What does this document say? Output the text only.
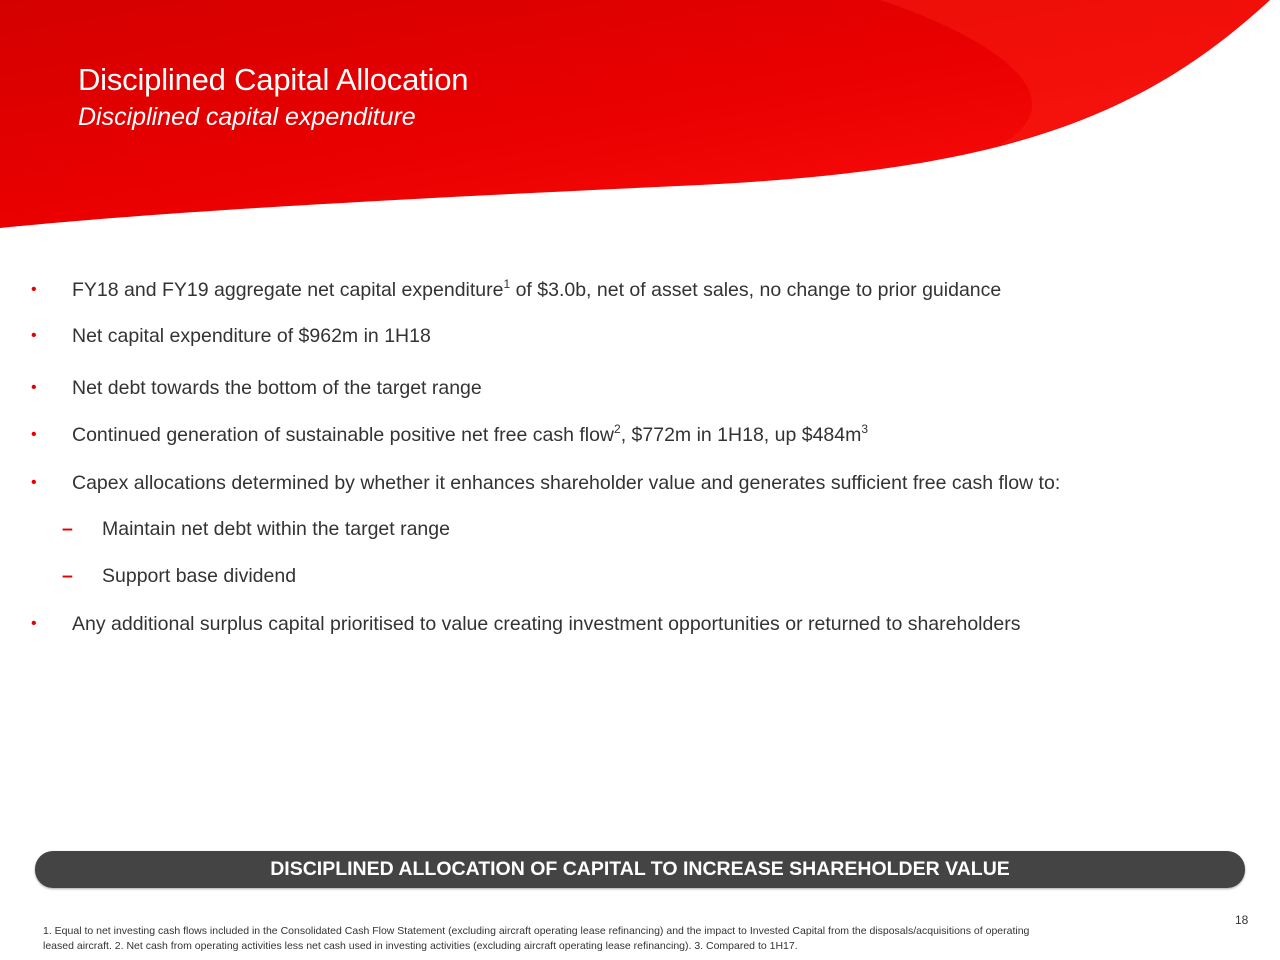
Disciplined Capital Allocation
Disciplined capital expenditure
• FY18 and FY19 aggregate net capital expenditure$^1$ of $3.0b, net of asset sales, no change to prior guidance
• Net capital expenditure of $962m in 1H18
• Net debt towards the bottom of the target range
• Continued generation of sustainable positive net free cash flow$^2$, $772m in 1H18, up $\$484m^3$
• Capex allocations determined by whether it enhances shareholder value and generates sufficient free cash flow to:
– Maintain net debt within the target range
– Support base dividend
• Any additional surplus capital prioritised to value creating investment opportunities or returned to shareholders
DISCIPLINED ALLOCATION OF CAPITAL TO INCREASE SHAREHOLDER VALUE
18
1. Equal to net investing cash flows included in the Consolidated Cash Flow Statement (excluding aircraft operating lease refinancing) and the impact to Invested Capital from the disposals/acquisitions of operating
leased aircraft. 2. Net cash from operating activities less net cash used in investing activities (excluding aircraft operating lease refinancing). 3. Compared to 1H17.
